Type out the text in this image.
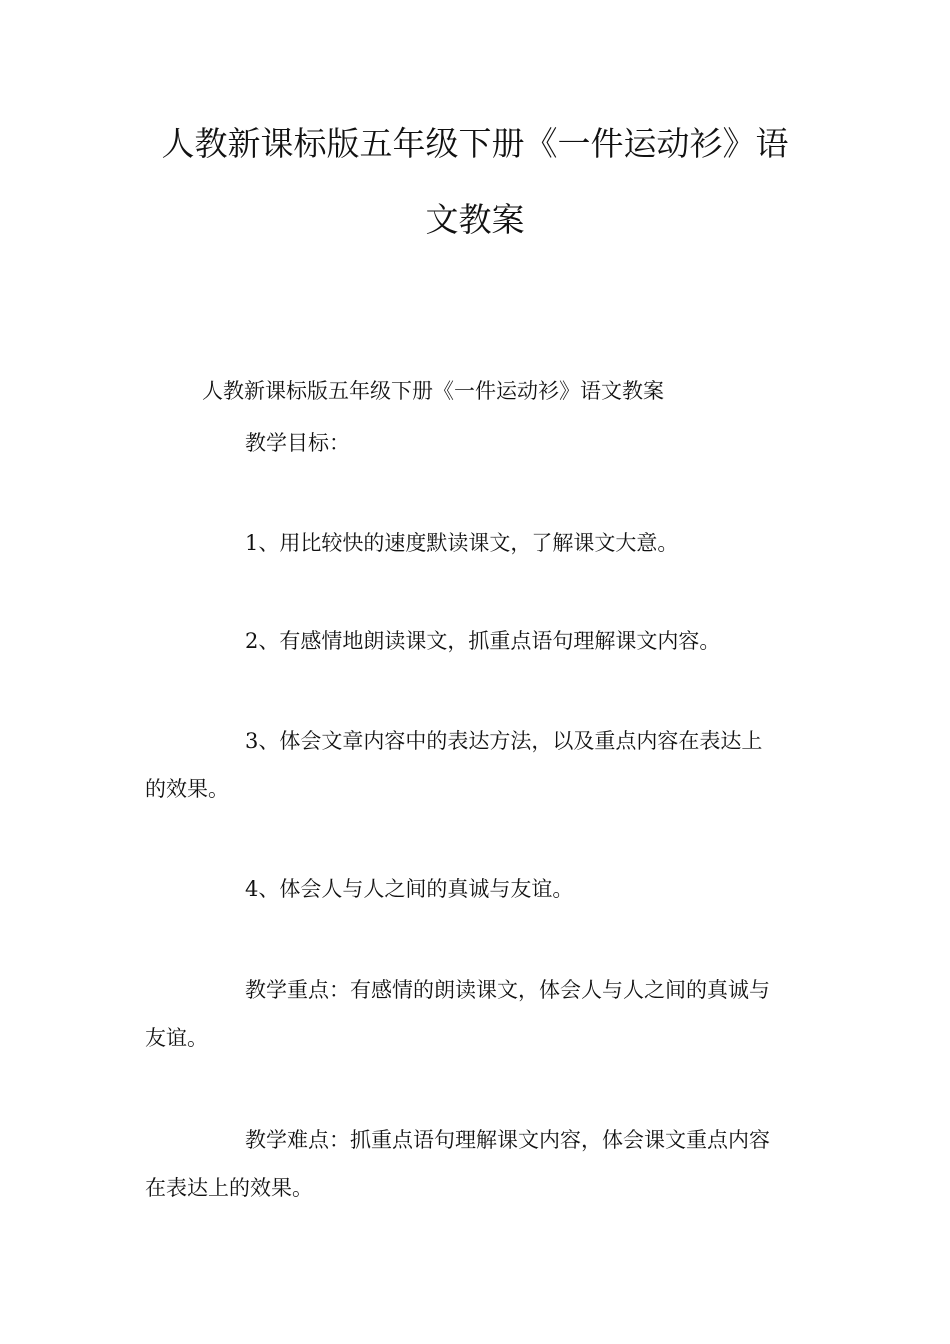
人教新课标版五年级下册《一件运动衫》语
文教案

人教新课标版五年级下册《一件运动衫》语文教案

教学目标：

1、用比较快的速度默读课文，了解课文大意。

2、有感情地朗读课文，抓重点语句理解课文内容。

3、体会文章内容中的表达方法，以及重点内容在表达上
的效果。

4、体会人与人之间的真诚与友谊。

教学重点：有感情的朗读课文，体会人与人之间的真诚与
友谊。

教学难点：抓重点语句理解课文内容，体会课文重点内容
在表达上的效果。
